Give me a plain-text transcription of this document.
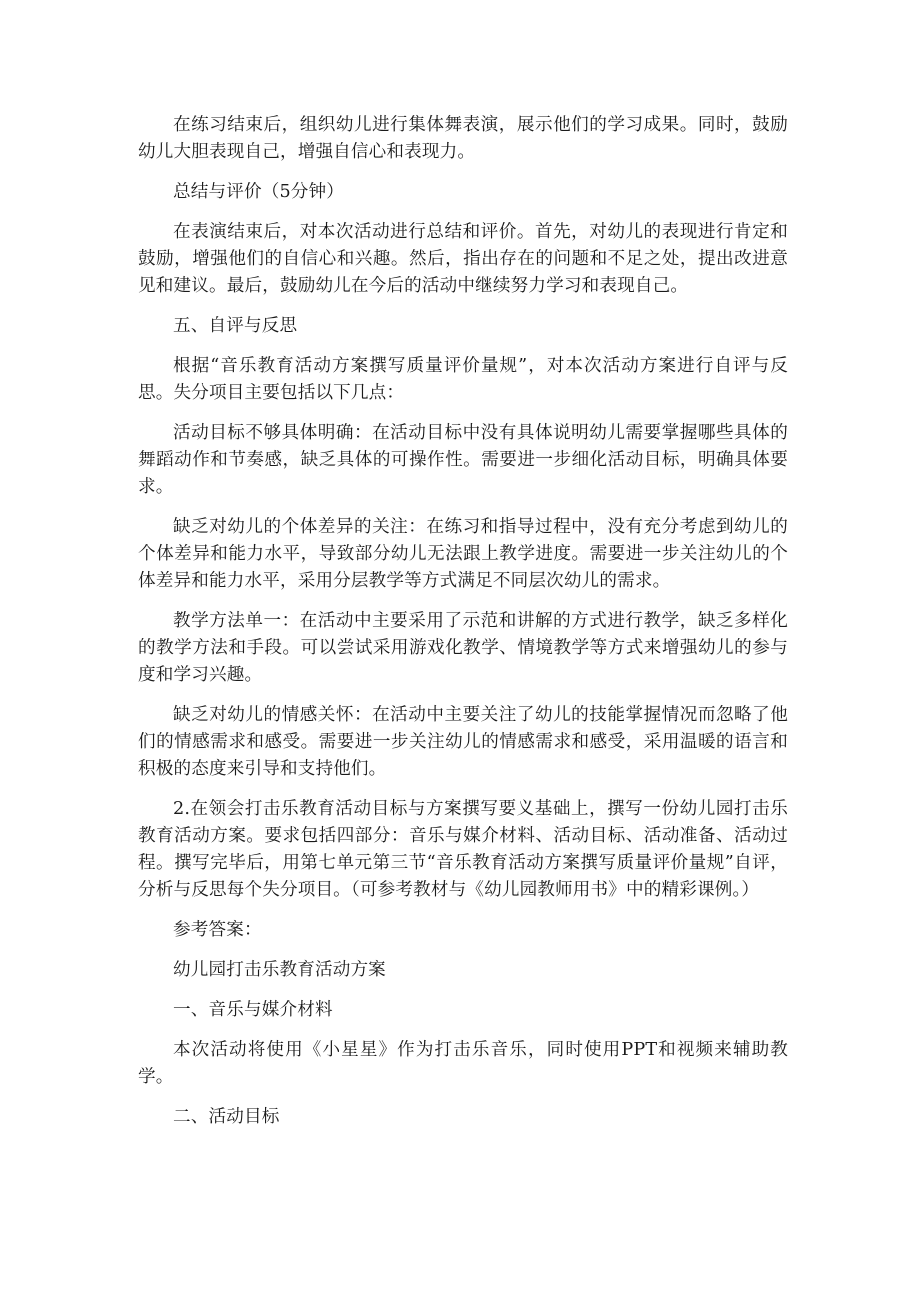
在练习结束后，组织幼儿进行集体舞表演，展示他们的学习成果。同时，鼓励幼儿大胆表现自己，增强自信心和表现力。

总结与评价（5分钟）

在表演结束后，对本次活动进行总结和评价。首先，对幼儿的表现进行肯定和鼓励，增强他们的自信心和兴趣。然后，指出存在的问题和不足之处，提出改进意见和建议。最后，鼓励幼儿在今后的活动中继续努力学习和表现自己。

五、自评与反思

根据“音乐教育活动方案撰写质量评价量规”，对本次活动方案进行自评与反思。失分项目主要包括以下几点：

活动目标不够具体明确：在活动目标中没有具体说明幼儿需要掌握哪些具体的舞蹈动作和节奏感，缺乏具体的可操作性。需要进一步细化活动目标，明确具体要求。

缺乏对幼儿的个体差异的关注：在练习和指导过程中，没有充分考虑到幼儿的个体差异和能力水平，导致部分幼儿无法跟上教学进度。需要进一步关注幼儿的个体差异和能力水平，采用分层教学等方式满足不同层次幼儿的需求。

教学方法单一：在活动中主要采用了示范和讲解的方式进行教学，缺乏多样化的教学方法和手段。可以尝试采用游戏化教学、情境教学等方式来增强幼儿的参与度和学习兴趣。

缺乏对幼儿的情感关怀：在活动中主要关注了幼儿的技能掌握情况而忽略了他们的情感需求和感受。需要进一步关注幼儿的情感需求和感受，采用温暖的语言和积极的态度来引导和支持他们。

2.在领会打击乐教育活动目标与方案撰写要义基础上，撰写一份幼儿园打击乐教育活动方案。要求包括四部分：音乐与媒介材料、活动目标、活动准备、活动过程。撰写完毕后，用第七单元第三节“音乐教育活动方案撰写质量评价量规”自评，分析与反思每个失分项目。（可参考教材与《幼儿园教师用书》中的精彩课例。）

参考答案：

幼儿园打击乐教育活动方案

一、音乐与媒介材料

本次活动将使用《小星星》作为打击乐音乐，同时使用PPT和视频来辅助教学。

二、活动目标
